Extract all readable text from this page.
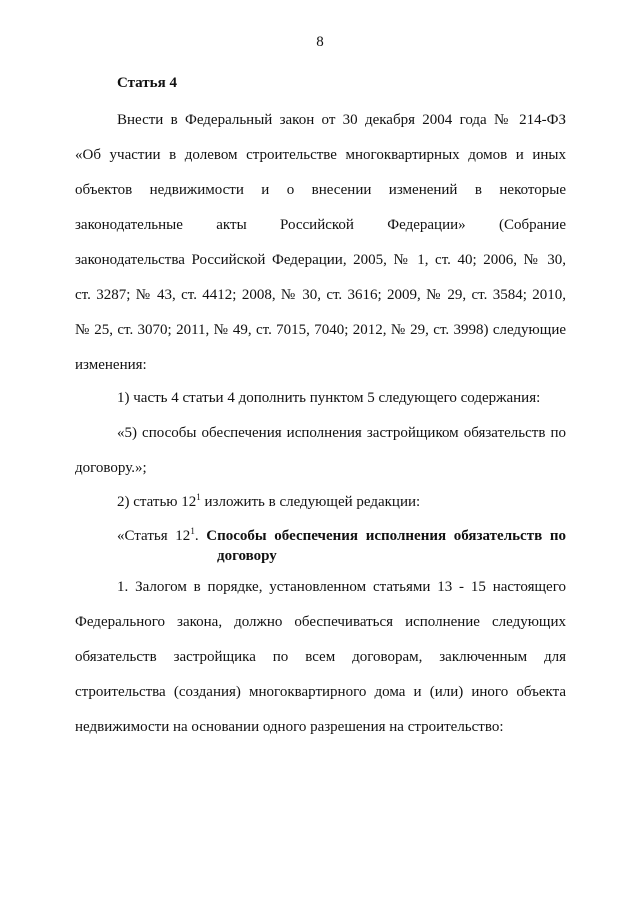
8
Статья 4
Внести в Федеральный закон от 30 декабря 2004 года № 214-ФЗ
«Об участии в долевом строительстве многоквартирных домов и иных
объектов недвижимости и о внесении изменений в некоторые
законодательные акты Российской Федерации» (Собрание
законодательства Российской Федерации, 2005, № 1, ст. 40; 2006, № 30,
ст. 3287; № 43, ст. 4412; 2008, № 30, ст. 3616; 2009, № 29, ст. 3584; 2010,
№ 25, ст. 3070; 2011, № 49, ст. 7015, 7040; 2012, № 29, ст. 3998) следующие
изменения:
1) часть 4 статьи 4 дополнить пунктом 5 следующего содержания:
«5) способы обеспечения исполнения застройщиком обязательств по
договору.»;
2) статью $12^1$ изложить в следующей редакции:
«Статья $12^1$. Способы обеспечения исполнения обязательств по
договору
1. Залогом в порядке, установленном статьями 13 - 15 настоящего
Федерального закона, должно обеспечиваться исполнение следующих
обязательств застройщика по всем договорам, заключенным для
строительства (создания) многоквартирного дома и (или) иного объекта
недвижимости на основании одного разрешения на строительство:
